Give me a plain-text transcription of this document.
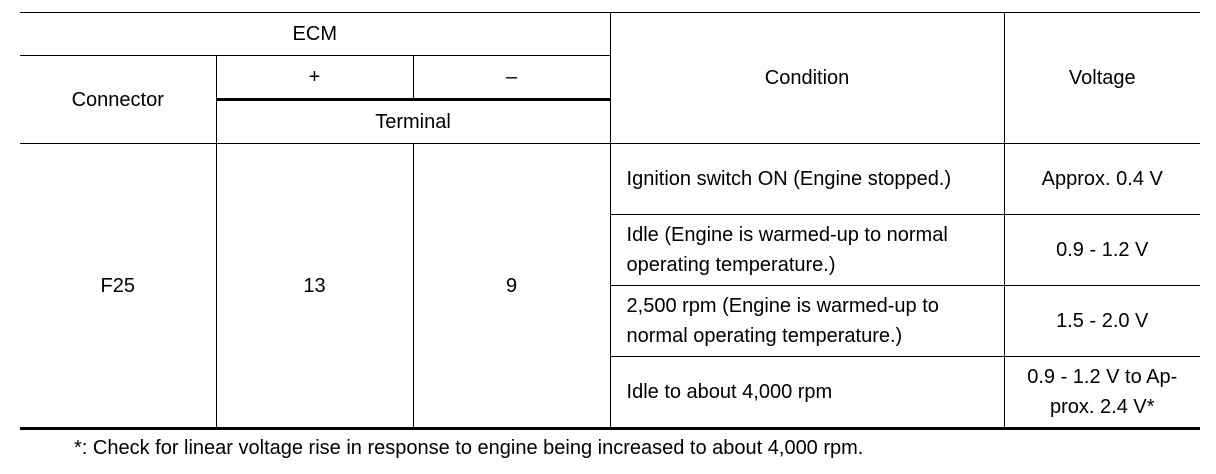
ECM			Condition	Voltage
Connector	+	–		
	Terminal			
F25	13	9	Ignition switch ON (Engine stopped.)	Approx. 0.4 V
			Idle (Engine is warmed-up to normal operating temperature.)	0.9 - 1.2 V
			2,500 rpm (Engine is warmed-up to normal operating temperature.)	1.5 - 2.0 V
			Idle to about 4,000 rpm	0.9 - 1.2 V to Ap- prox. 2.4 V*
*: Check for linear voltage rise in response to engine being increased to about 4,000 rpm.
